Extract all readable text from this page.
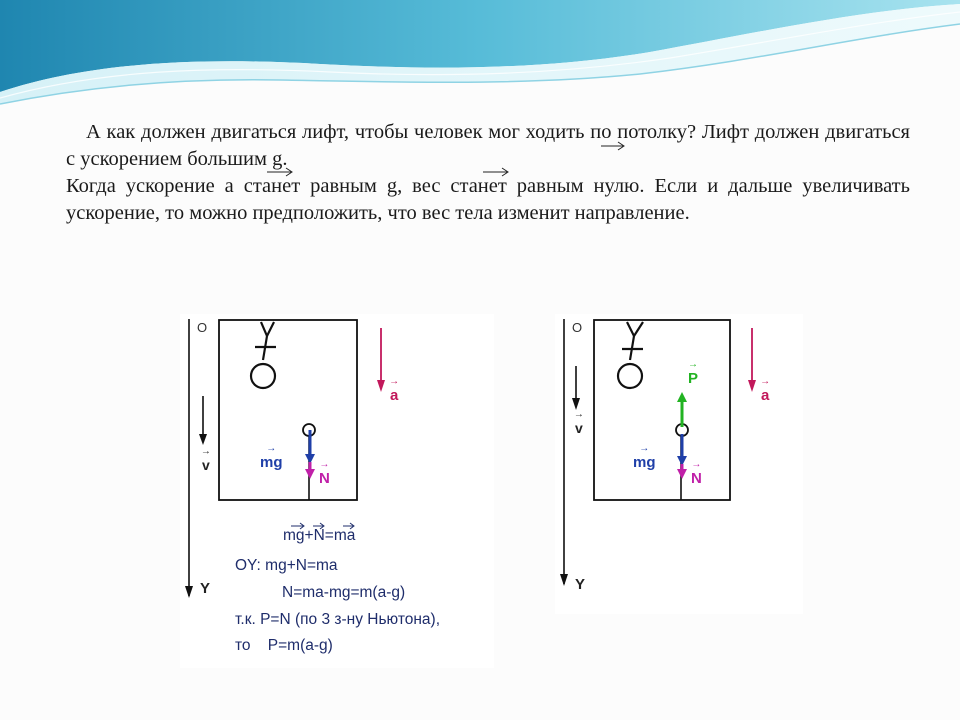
А как должен двигаться лифт, чтобы человек мог ходить по потолку? Лифт должен двигаться с ускорением большим g.
Когда ускорение a станет равным g, вес станет равным нулю. Если и дальше увеличивать ускорение, то можно предположить, что вес тела изменит направление.
O
Y
→ v
→ a
→ mg
→ N
mg+N=ma
OY: mg+N=ma
N=ma-mg=m(a-g)
т.к. P=N (по 3 з-ну Ньютона),
то P=m(a-g)
O
Y
→ v
→ a
→ P
→ mg
→ N
